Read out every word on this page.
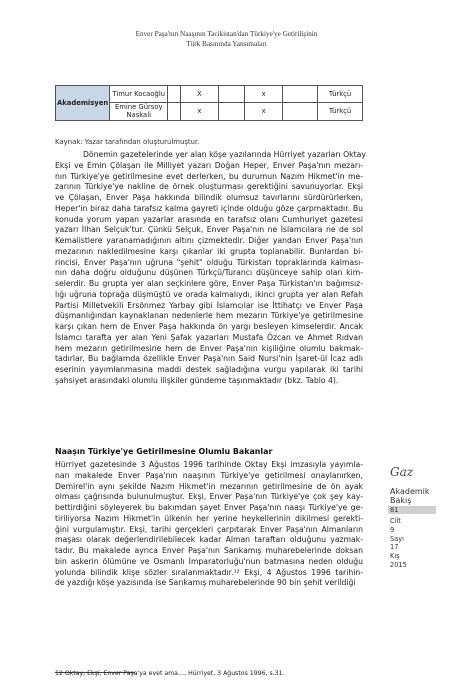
Enver Paşa'nın Naaşının Tacikistan'dan Türkiye'ye Getirilişinin
Türk Basınında Yansımaları
Akademisyen	Timur Kocaoğlu		X		x		Türkçü
	Emine Gürsoy Naskali		x		x		Türkçü
Kaynak: Yazar tarafından oluşturulmuştur.
Dönemin gazetelerinde yer alan köşe yazılarında Hürriyet yazarları Oktay
Ekşi ve Emin Çölaşan ile Milliyet yazarı Doğan Heper, Enver Paşa'nın mezarı-
nın Türkiye'ye getirilmesine evet derlerken, bu durumun Nazım Hikmet'in me-
zarının Türkiye'ye nakline de örnek oluşturması gerektiğini savunuyorlar. Ekşi
ve Çölaşan, Enver Paşa hakkında bilindik olumsuz tavırlarını sürdürürlerken,
Heper'in biraz daha tarafsız kalma gayreti içinde olduğu göze çarpmaktadır. Bu
konuda yorum yapan yazarlar arasında en tarafsız olanı Cumhuriyet gazetesi
yazarı İlhan Selçuk'tur. Çünkü Selçuk, Enver Paşa'nın ne İslamcılara ne de sol
Kemalistlere yaranamadığının altını çizmektedir. Diğer yandan Enver Paşa'nın
mezarının nakledilmesine karşı çıkanlar iki grupta toplanabilir. Bunlardan bi-
rincisi, Enver Paşa'nın uğruna "şehit" olduğu Türkistan topraklarında kalması-
nın daha doğru olduğunu düşünen Türkçü/Turancı düşünceye sahip olan kim-
selerdir. Bu grupta yer alan seçkinlere göre, Enver Paşa Türkistan'ın bağımsız-
lığı uğruna toprağa düşmüştü ve orada kalmalıydı, ikinci grupta yer alan Refah
Partisi Milletvekili Ersönmez Yarbay gibi İslamcılar ise İttihatçı ve Enver Paşa
düşmanlığından kaynaklanan nedenlerle hem mezarın Türkiye'ye getirilmesine
karşı çıkan hem de Enver Paşa hakkında ön yargı besleyen kimselerdir. Ancak
İslamcı tarafta yer alan Yeni Şafak yazarları Mustafa Özcan ve Ahmet Rıdvan
hem mezarın getirilmesine hem de Enver Paşa'nın kişiliğine olumlu bakmak-
tadırlar. Bu bağlamda özellikle Enver Paşa'nın Said Nursi'nin İşaret-ül İcaz adlı
eserinin yayımlanmasına maddi destek sağladığına vurgu yapılarak iki tarihi
şahsiyet arasındaki olumlu ilişkiler gündeme taşınmaktadır (bkz. Tablo 4).
Naaşın Türkiye'ye Getirilmesine Olumlu Bakanlar
Hürriyet gazetesinde 3 Ağustos 1996 tarihinde Oktay Ekşi imzasıyla yayımla-
nan makalede Enver Paşa'nın naaşının Türkiye'ye getirilmesi onaylanırken,
Demirel'in aynı şekilde Nazım Hikmet'in mezarının getirilmesine de ön ayak
olması çağrısında bulunulmuştur. Ekşi, Enver Paşa'nın Türkiye'ye çok şey kay-
bettirdiğini söyleyerek bu bakımdan şayet Enver Paşa'nın naaşı Türkiye'ye ge-
tiriliyorsa Nazım Hikmet'in ülkenin her yerine heykellerinin dikilmesi gerekti-
ğini vurgulamıştır. Ekşi, tarihi gerçekleri çarpıtarak Enver Paşa'nın Almanların
maşası olarak değerlendirilebilecek kadar Alman taraftarı olduğunu yazmak-
tadır. Bu makalede ayrıca Enver Paşa'nın Sarıkamış muharebelerinde doksan
bin askerin ölümüne ve Osmanlı İmparatorluğu'nun batmasına neden olduğu
yolunda bilindik klişe sözler sıralanmaktadır.¹² Ekşi, 4 Ağustos 1996 tarihin-
de yazdığı köşe yazısında ise Sarıkamış muharebelerinde 90 bin şehit verildiği
12 Oktay, Ekşi, Enver Paşa'ya evet ama…, Hürriyet, 3 Ağustos 1996, s.31.
Gaz
Akademik
Bakış
81
Cilt 9 Sayı 17
Kış 2015
